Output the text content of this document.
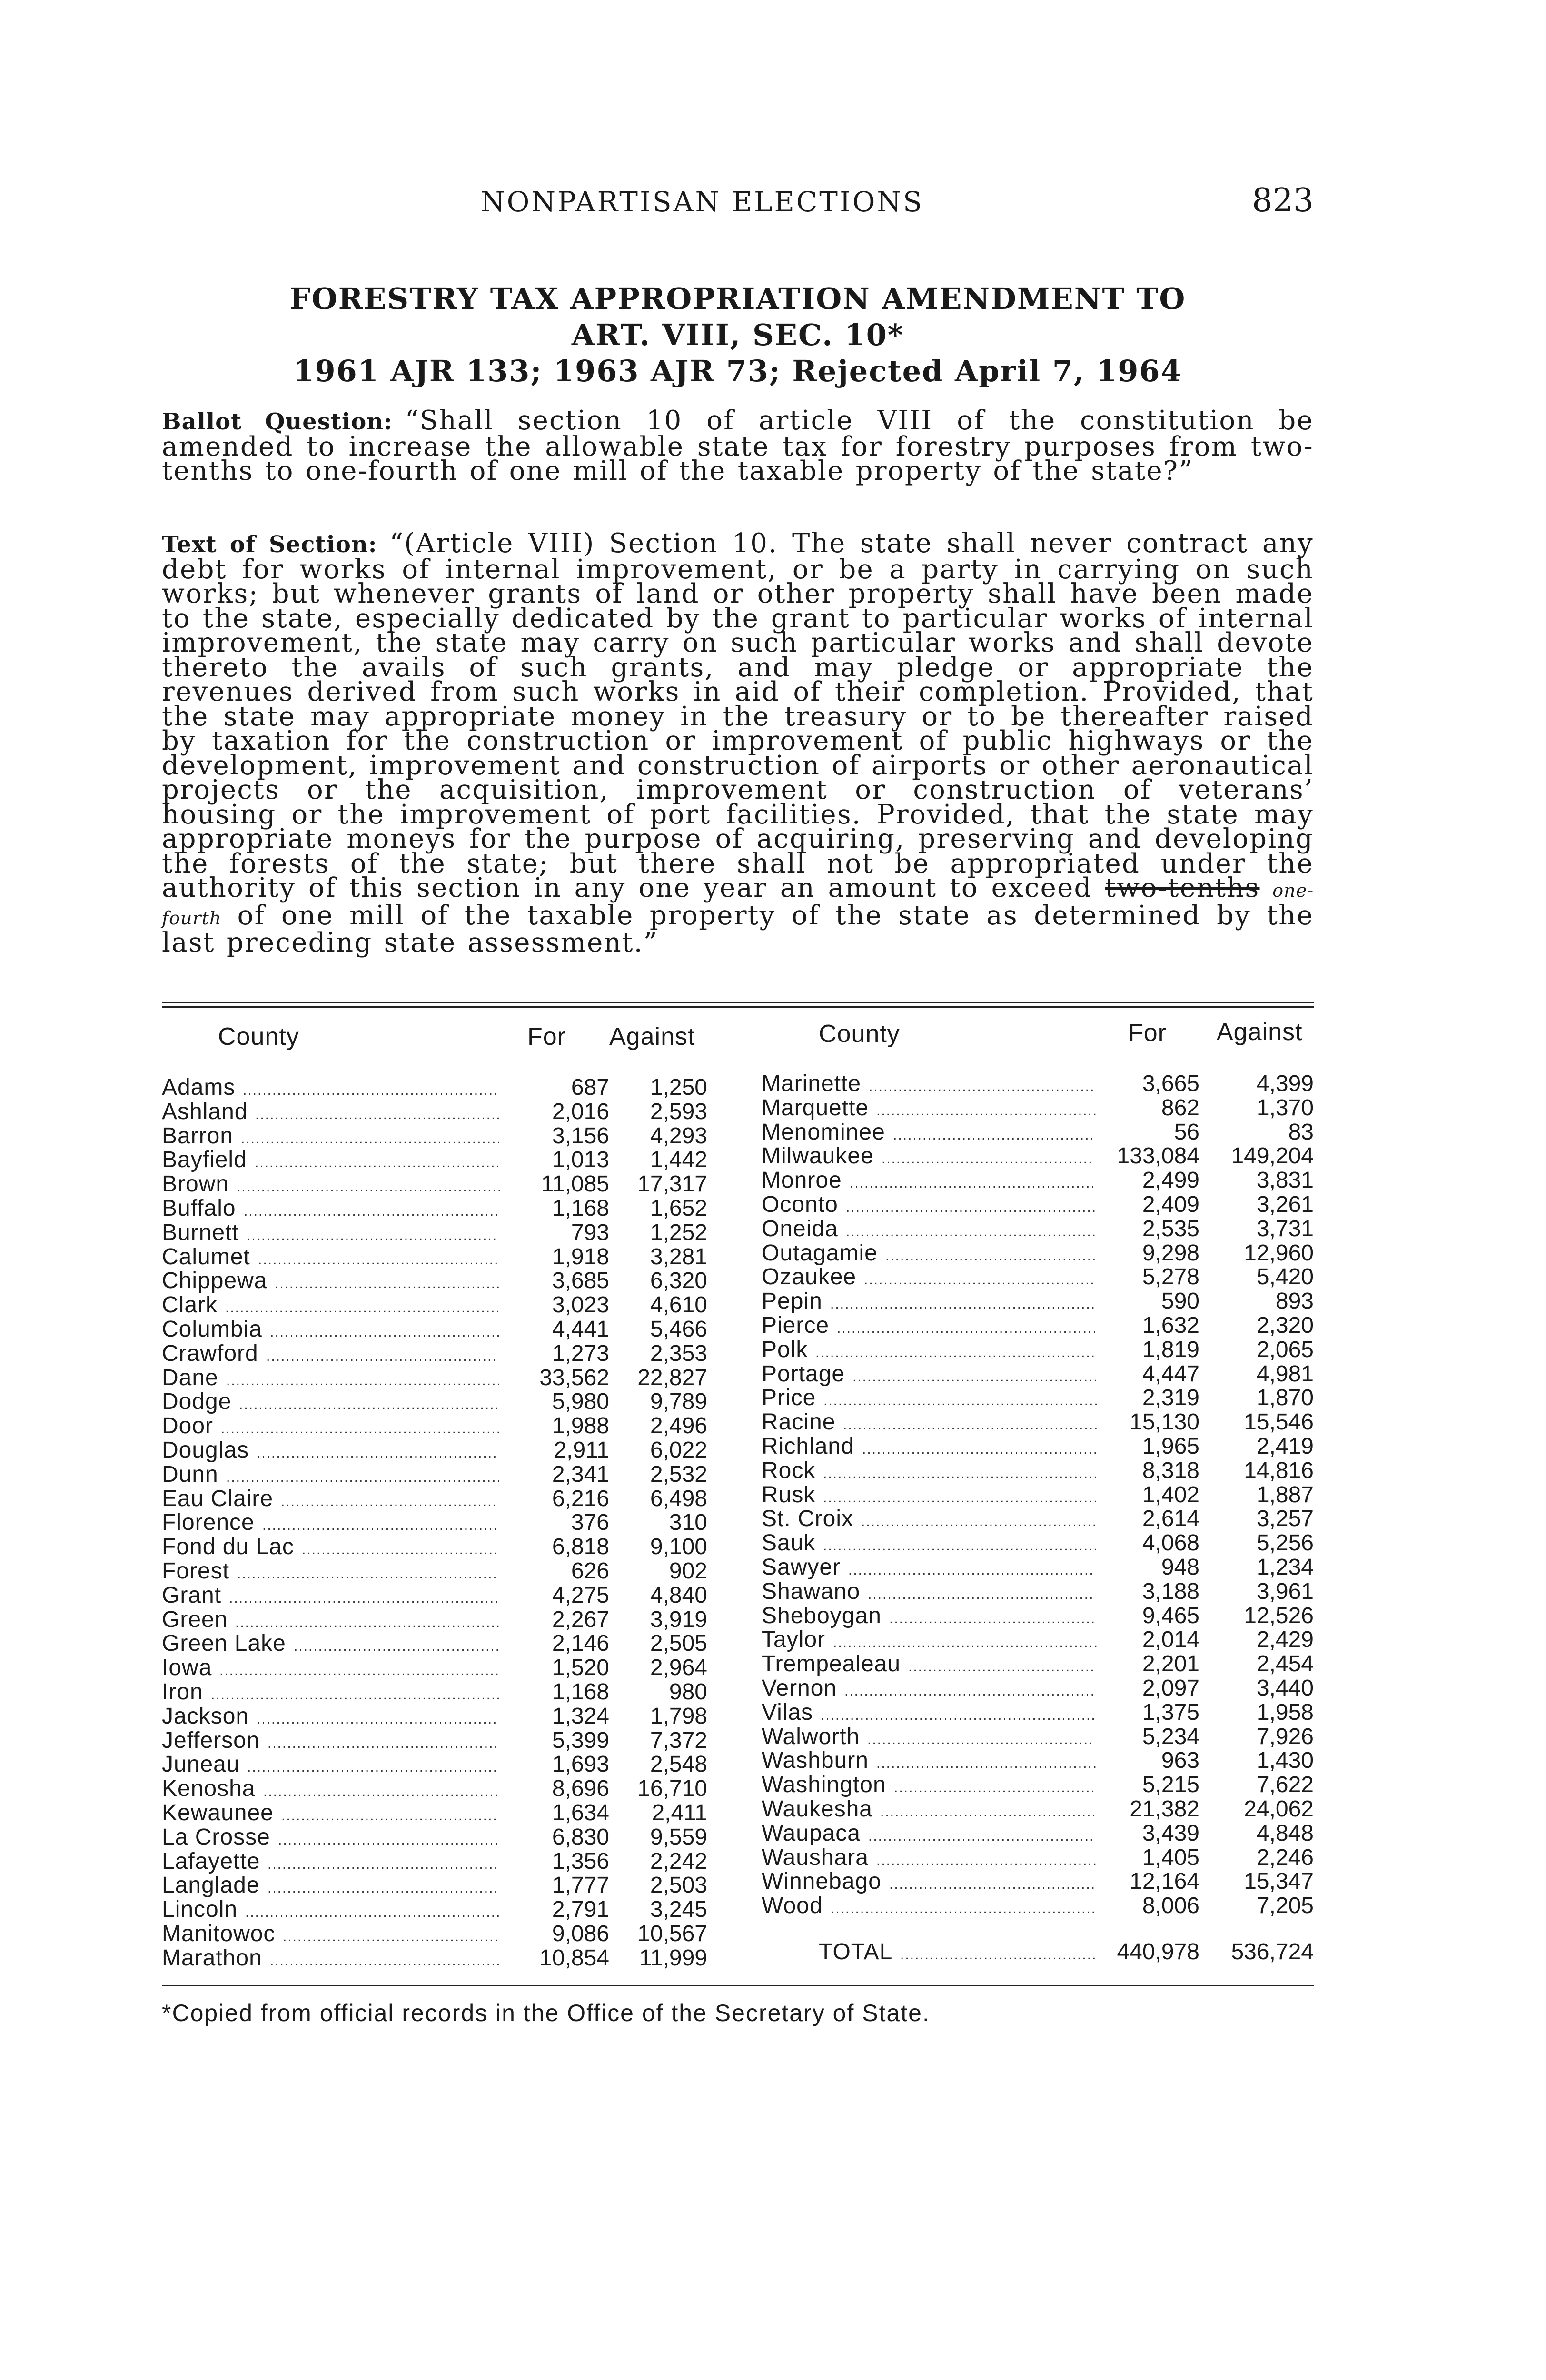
NONPARTISAN ELECTIONS	823
FORESTRY TAX APPROPRIATION AMENDMENT TO
ART. VIII, SEC. 10*
1961 AJR 133; 1963 AJR 73; Rejected April 7, 1964
Ballot Question: “Shall section 10 of article VIII of the constitution be amended to increase the allowable state tax for forestry purposes from two-tenths to one-fourth of one mill of the taxable property of the state?”
Text of Section: “(Article VIII) Section 10. The state shall never contract any debt for works of internal improvement, or be a party in carrying on such works; but whenever grants of land or other property shall have been made to the state, especially dedicated by the grant to particular works of internal improvement, the state may carry on such particular works and shall devote thereto the avails of such grants, and may pledge or appropriate the revenues derived from such works in aid of their completion. Provided, that the state may appropriate money in the treasury or to be thereafter raised by taxation for the construction or improvement of public highways or the development, improvement and construction of airports or other aeronautical projects or the acquisition, improvement or construction of veterans’ housing or the improvement of port facilities. Provided, that the state may appropriate moneys for the purpose of acquiring, preserving and developing the forests of the state; but there shall not be appropriated under the authority of this section in any one year an amount to exceed two-tenths one-fourth of one mill of the taxable property of the state as determined by the last preceding state assessment.”
County	For Against	County	For Against
Adams ....................................................	687 1,250
Ashland .................................................. 2,016 2,593
Barron ..................................................... 3,156 4,293
Bayfield .................................................. 1,013 1,442
Brown ...................................................... 11,085 17,317
Buffalo .................................................... 1,168 1,652
Burnett ...................................................	793 1,252
Calumet ................................................. 1,918 3,281
Chippewa .............................................. 3,685 6,320
Clark ........................................................ 3,023 4,610
Columbia ............................................... 4,441 5,466
Crawford ............................................... 1,273 2,353
Dane ........................................................ 33,562 22,827
Dodge ..................................................... 5,980 9,789
Door ......................................................... 1,988 2,496
Douglas ................................................. 2,911 6,022
Dunn ........................................................ 2,341 2,532
Eau Claire ............................................ 6,216 6,498
Florence ................................................	376	310
Fond du Lac ........................................ 6,818 9,100
Forest .....................................................	626	902
Grant ....................................................... 4,275 4,840
Green ...................................................... 2,267 3,919
Green Lake .......................................... 2,146 2,505
Iowa ......................................................... 1,520 2,964
Iron ........................................................... 1,168	980
Jackson ................................................. 1,324 1,798
Jefferson ............................................... 5,399 7,372
Juneau ................................................... 1,693 2,548
Kenosha ................................................ 8,696 16,710
Kewaunee ............................................ 1,634 2,411
La Crosse ............................................. 6,830 9,559
Lafayette ............................................... 1,356 2,242
Langlade ............................................... 1,777 2,503
Lincoln .................................................... 2,791 3,245
Manitowoc ............................................ 9,086 10,567
Marathon ............................................... 10,854 11,999
Marinette .............................................. 3,665 4,399
Marquette .............................................	862 1,370
Menominee .........................................	56	83
Milwaukee ........................................... 133,084 149,204
Monroe .................................................. 2,499 3,831
Oconto ................................................... 2,409 3,261
Oneida ................................................... 2,535 3,731
Outagamie ........................................... 9,298 12,960
Ozaukee ............................................... 5,278 5,420
Pepin ......................................................	590	893
Pierce ..................................................... 1,632 2,320
Polk ......................................................... 1,819 2,065
Portage .................................................. 4,447 4,981
Price ........................................................ 2,319 1,870
Racine .................................................... 15,130 15,546
Richland ................................................ 1,965 2,419
Rock ........................................................ 8,318 14,816
Rusk ........................................................ 1,402 1,887
St. Croix ................................................ 2,614 3,257
Sauk ........................................................ 4,068 5,256
Sawyer ..................................................	948 1,234
Shawano .............................................. 3,188 3,961
Sheboygan .......................................... 9,465 12,526
Taylor ...................................................... 2,014 2,429
Trempealeau ...................................... 2,201 2,454
Vernon ................................................... 2,097 3,440
Vilas ........................................................ 1,375 1,958
Walworth .............................................. 5,234 7,926
Washburn .............................................	963 1,430
Washington ......................................... 5,215 7,622
Waukesha ............................................ 21,382 24,062
Waupaca .............................................. 3,439 4,848
Waushara ............................................. 1,405 2,246
Winnebago .......................................... 12,164 15,347
Wood ...................................................... 8,006 7,205
TOTAL ........................................ 440,978 536,724
*Copied from official records in the Office of the Secretary of State.
